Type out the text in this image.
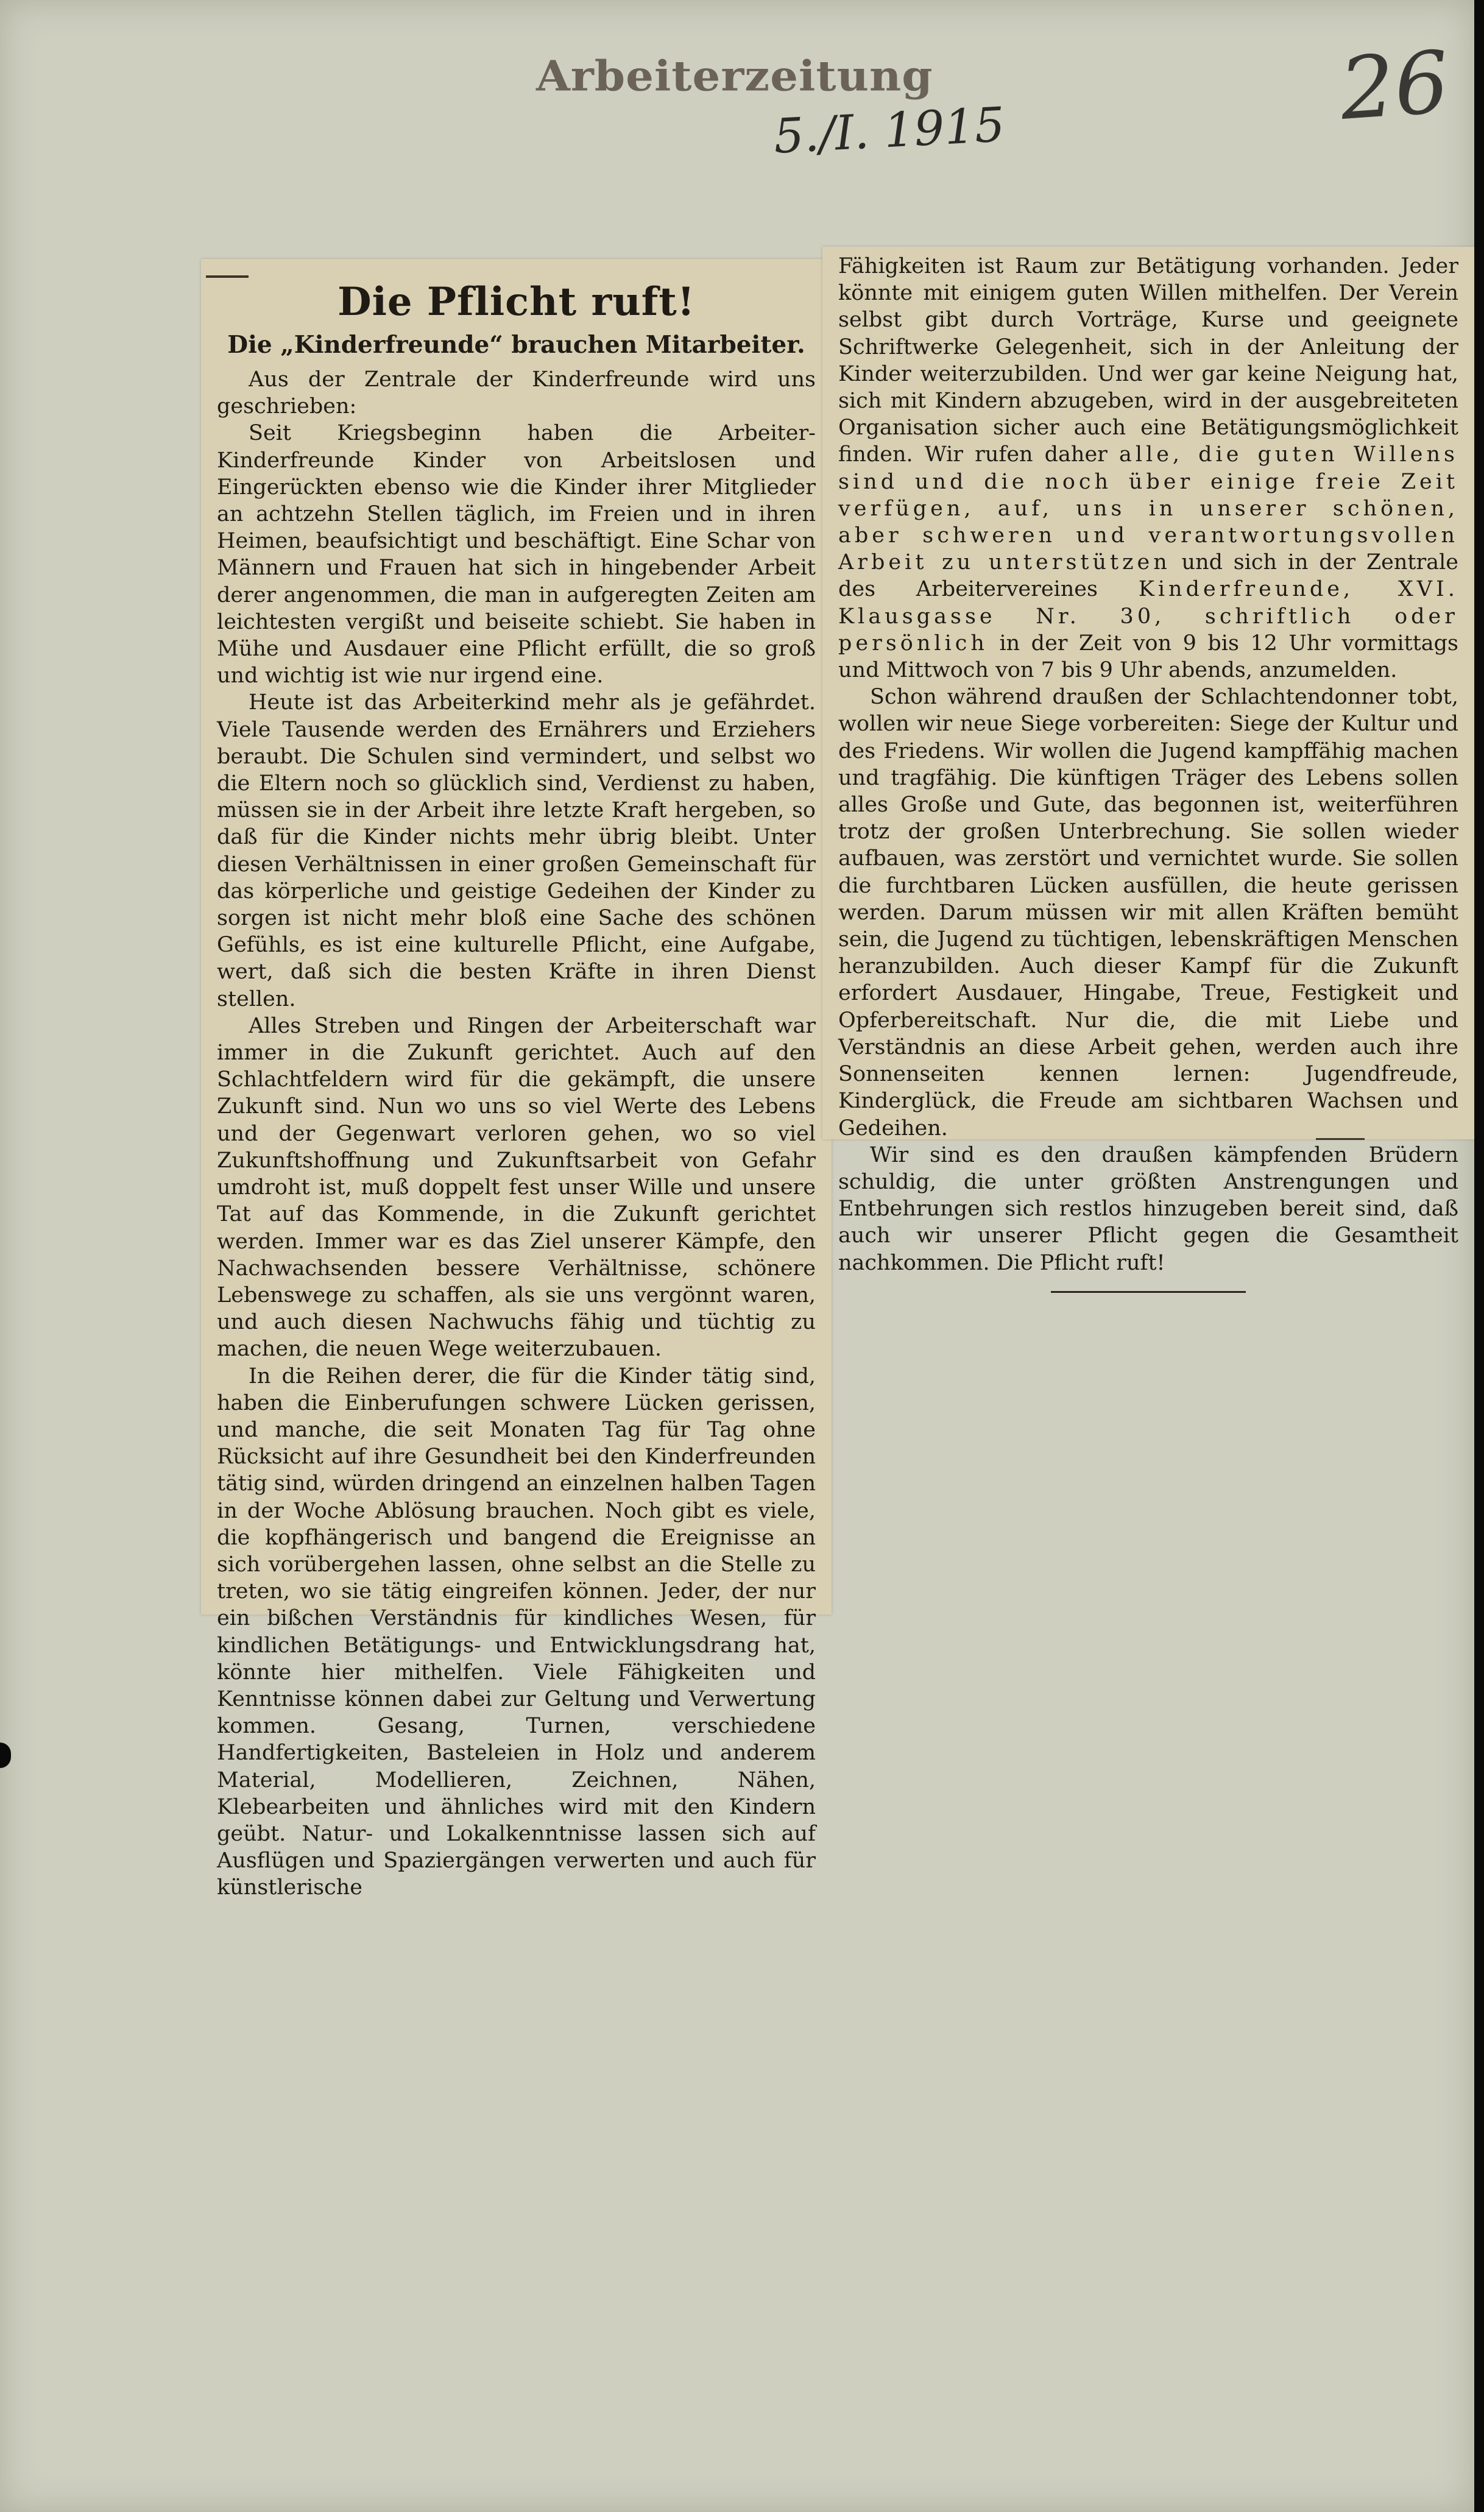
Arbeiterzeitung
5./I. 1915	26
Die Pflicht ruft!
Die „Kinderfreunde“ brauchen Mitarbeiter.

Aus der Zentrale der Kinderfreunde wird uns geschrieben:

Seit Kriegsbeginn haben die Arbeiter-Kinderfreunde Kinder von Arbeitslosen und Eingerückten ebenso wie die Kinder ihrer Mitglieder an achtzehn Stellen täglich, im Freien und in ihren Heimen, beaufsichtigt und beschäftigt. Eine Schar von Männern und Frauen hat sich in hingebender Arbeit derer angenommen, die man in aufgeregten Zeiten am leichtesten vergißt und beiseite schiebt. Sie haben in Mühe und Ausdauer eine Pflicht erfüllt, die so groß und wichtig ist wie nur irgend eine.

Heute ist das Arbeiterkind mehr als je gefährdet. Viele Tausende werden des Ernährers und Erziehers beraubt. Die Schulen sind vermindert, und selbst wo die Eltern noch so glücklich sind, Verdienst zu haben, müssen sie in der Arbeit ihre letzte Kraft hergeben, so daß für die Kinder nichts mehr übrig bleibt. Unter diesen Verhältnissen in einer großen Gemeinschaft für das körperliche und geistige Gedeihen der Kinder zu sorgen ist nicht mehr bloß eine Sache des schönen Gefühls, es ist eine kulturelle Pflicht, eine Aufgabe, wert, daß sich die besten Kräfte in ihren Dienst stellen.

Alles Streben und Ringen der Arbeiterschaft war immer in die Zukunft gerichtet. Auch auf den Schlachtfeldern wird für die gekämpft, die unsere Zukunft sind. Nun wo uns so viel Werte des Lebens und der Gegenwart verloren gehen, wo so viel Zukunftshoffnung und Zukunftsarbeit von Gefahr umdroht ist, muß doppelt fest unser Wille und unsere Tat auf das Kommende, in die Zukunft gerichtet werden. Immer war es das Ziel unserer Kämpfe, den Nachwachsenden bessere Verhältnisse, schönere Lebenswege zu schaffen, als sie uns vergönnt waren, und auch diesen Nachwuchs fähig und tüchtig zu machen, die neuen Wege weiterzubauen.

In die Reihen derer, die für die Kinder tätig sind, haben die Einberufungen schwere Lücken gerissen, und manche, die seit Monaten Tag für Tag ohne Rücksicht auf ihre Gesundheit bei den Kinderfreunden tätig sind, würden dringend an einzelnen halben Tagen in der Woche Ablösung brauchen. Noch gibt es viele, die kopfhängerisch und bangend die Ereignisse an sich vorübergehen lassen, ohne selbst an die Stelle zu treten, wo sie tätig eingreifen können. Jeder, der nur ein bißchen Verständnis für kindliches Wesen, für kindlichen Betätigungs- und Entwicklungsdrang hat, könnte hier mithelfen. Viele Fähigkeiten und Kenntnisse können dabei zur Geltung und Verwertung kommen. Gesang, Turnen, verschiedene Handfertigkeiten, Basteleien in Holz und anderem Material, Modellieren, Zeichnen, Nähen, Klebearbeiten und ähnliches wird mit den Kindern geübt. Natur- und Lokalkenntnisse lassen sich auf Ausflügen und Spaziergängen verwerten und auch für künstlerische

Fähigkeiten ist Raum zur Betätigung vorhanden. Jeder könnte mit einigem guten Willen mithelfen. Der Verein selbst gibt durch Vorträge, Kurse und geeignete Schriftwerke Gelegenheit, sich in der Anleitung der Kinder weiterzubilden. Und wer gar keine Neigung hat, sich mit Kindern abzugeben, wird in der ausgebreiteten Organisation sicher auch eine Betätigungsmöglichkeit finden. Wir rufen daher alle, die guten Willens sind und die noch über einige freie Zeit verfügen, auf, uns in unserer schönen, aber schweren und verantwortungsvollen Arbeit zu unterstützen und sich in der Zentrale des Arbeitervereines Kinderfreunde, XVI. Klausgasse Nr. 30, schriftlich oder persönlich in der Zeit von 9 bis 12 Uhr vormittags und Mittwoch von 7 bis 9 Uhr abends, anzumelden.

Schon während draußen der Schlachtendonner tobt, wollen wir neue Siege vorbereiten: Siege der Kultur und des Friedens. Wir wollen die Jugend kampffähig machen und tragfähig. Die künftigen Träger des Lebens sollen alles Große und Gute, das begonnen ist, weiterführen trotz der großen Unterbrechung. Sie sollen wieder aufbauen, was zerstört und vernichtet wurde. Sie sollen die furchtbaren Lücken ausfüllen, die heute gerissen werden. Darum müssen wir mit allen Kräften bemüht sein, die Jugend zu tüchtigen, lebenskräftigen Menschen heranzubilden. Auch dieser Kampf für die Zukunft erfordert Ausdauer, Hingabe, Treue, Festigkeit und Opferbereitschaft. Nur die, die mit Liebe und Verständnis an diese Arbeit gehen, werden auch ihre Sonnenseiten kennen lernen: Jugendfreude, Kinderglück, die Freude am sichtbaren Wachsen und Gedeihen.

Wir sind es den draußen kämpfenden Brüdern schuldig, die unter größten Anstrengungen und Entbehrungen sich restlos hinzugeben bereit sind, daß auch wir unserer Pflicht gegen die Gesamtheit nachkommen. Die Pflicht ruft!
